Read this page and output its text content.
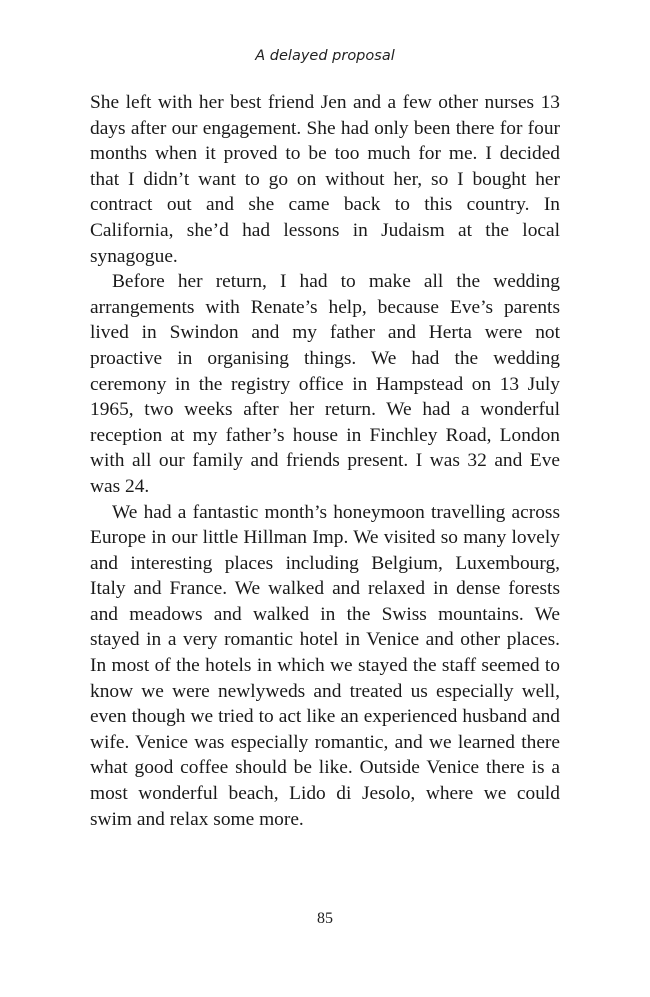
A delayed proposal

She left with her best friend Jen and a few other nurses 13 days after our engagement. She had only been there for four months when it proved to be too much for me. I decided that I didn’t want to go on without her, so I bought her contract out and she came back to this country. In California, she’d had lessons in Judaism at the local synagogue.

Before her return, I had to make all the wedding arrangements with Renate’s help, because Eve’s parents lived in Swindon and my father and Herta were not proactive in organising things. We had the wedding ceremony in the registry office in Hampstead on 13 July 1965, two weeks after her return. We had a wonderful reception at my father’s house in Finchley Road, London with all our family and friends present. I was 32 and Eve was 24.

We had a fantastic month’s honeymoon travelling across Europe in our little Hillman Imp. We visited so many lovely and interesting places including Belgium, Luxembourg, Italy and France. We walked and relaxed in dense forests and meadows and walked in the Swiss mountains. We stayed in a very romantic hotel in Venice and other places. In most of the hotels in which we stayed the staff seemed to know we were newlyweds and treated us especially well, even though we tried to act like an experienced husband and wife. Venice was especially romantic, and we learned there what good coffee should be like. Outside Venice there is a most wonderful beach, Lido di Jesolo, where we could swim and relax some more.

85
